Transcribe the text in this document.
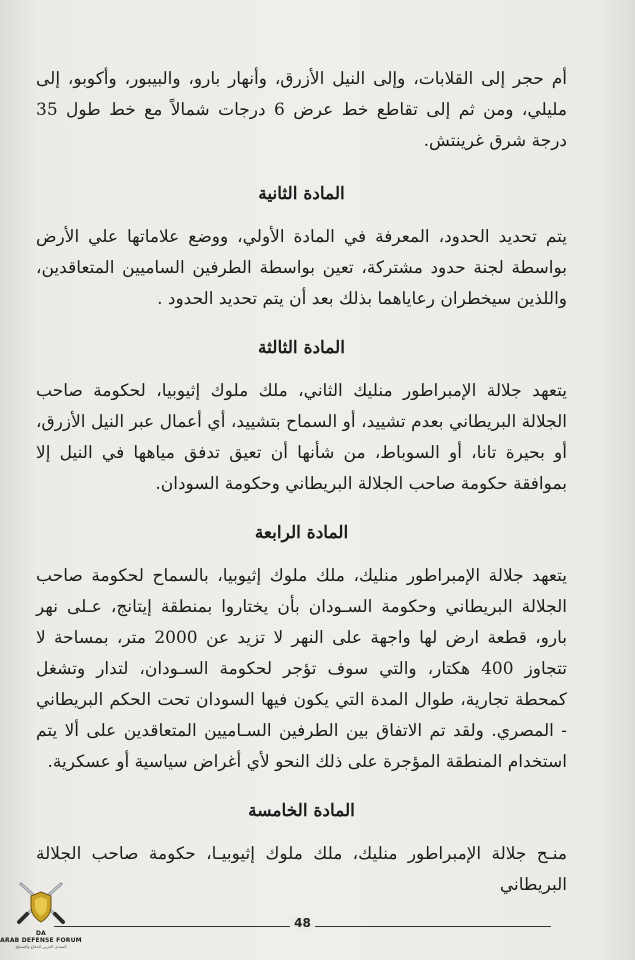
أم حجر إلى القلابات، وإلى النيل الأزرق، وأنهار بارو، والبيبور، وأكوبو، إلى مليلي، ومن ثم إلى تقاطع خط عرض 6 درجات شمالاً مع خط طول 35 درجة شرق غرينتش.

المادة الثانية

يتم تحديد الحدود، المعرفة في المادة الأولي، ووضع علاماتها علي الأرض بواسطة لجنة حدود مشتركة، تعين بواسطة الطرفين الساميين المتعاقدين، واللذين سيخطران رعاياهما بذلك بعد أن يتم تحديد الحدود .

المادة الثالثة

يتعهد جلالة الإمبراطور منليك الثاني، ملك ملوك إثيوبيا، لحكومة صاحب الجلالة البريطاني بعدم تشييد، أو السماح بتشييد، أي أعمال عبر النيل الأزرق، أو بحيرة تانا، أو السوباط، من شأنها أن تعيق تدفق مياهها في النيل إلا بموافقة حكومة صاحب الجلالة البريطاني وحكومة السودان.

المادة الرابعة

يتعهد جلالة الإمبراطور منليك، ملك ملوك إثيوبيا، بالسماح لحكومة صاحب الجلالة البريطاني وحكومة السـودان بأن يختاروا بمنطقة إيتانج، عـلى نهر بارو، قطعة ارض لها واجهة على النهر لا تزيد عن 2000 متر، بمساحة لا تتجاوز 400 هكتار، والتي سوف تؤجر لحكومة السـودان، لتدار وتشغل كمحطة تجارية، طوال المدة التي يكون فيها السودان تحت الحكم البريطاني - المصري. ولقد تم الاتفاق بين الطرفين السـاميين المتعاقدين على ألا يتم استخدام المنطقة المؤجرة على ذلك النحو لأي أغراض سياسية أو عسكرية.

المادة الخامسة

منـح جلالة الإمبراطور منليك، ملك ملوك إثيوبيـا، حكومة صاحب الجلالة البريطاني

48
DA
ARAB DEFENSE FORUM
المنتدى العربي للدفاع والتسليح
